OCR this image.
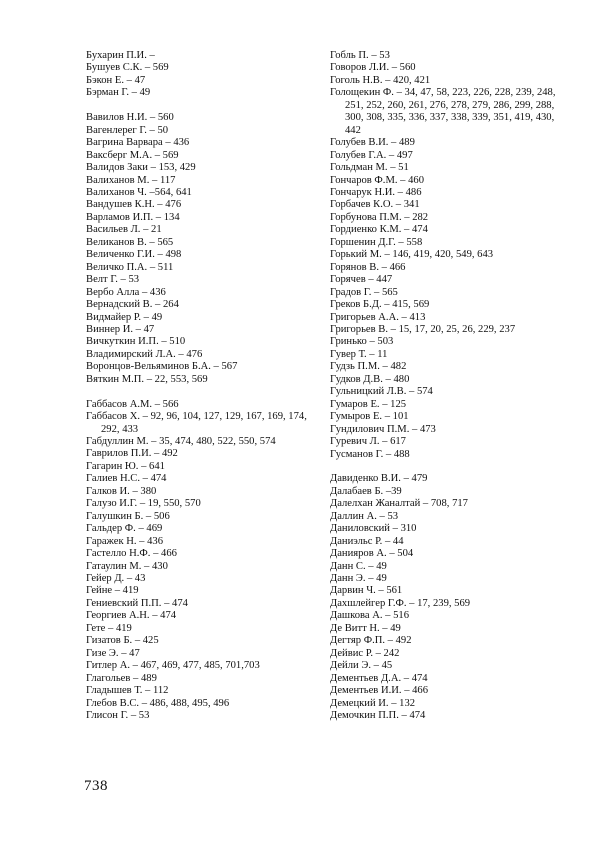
Бухарин П.И. –
Бушуев С.К. – 569
Бэкон Е. – 47
Бэрман Г. – 49
Вавилов Н.И. – 560
Вагенлерег Г. – 50
Вагрина Варвара – 436
Ваксберг М.А. – 569
Валидов Заки – 153, 429
Валиханов М. – 117
Валиханов Ч. –564, 641
Вандушев К.Н. – 476
Варламов И.П. – 134
Васильев Л. – 21
Великанов В. – 565
Величенко Г.И. – 498
Величко П.А. – 511
Велт Г. – 53
Вербо Алла – 436
Вернадский В. – 264
Видмайер Р. – 49
Виннер И. – 47
Вичкуткин И.П. – 510
Владимирский Л.А. – 476
Воронцов-Вельяминов Б.А. – 567
Вяткин М.П. – 22, 553, 569
Габбасов А.М. – 566
Габбасов Х. – 92, 96, 104, 127, 129, 167, 169, 174, 292, 433
Габдуллин М. – 35, 474, 480, 522, 550, 574
Гаврилов П.И. – 492
Гагарин Ю. – 641
Галиев Н.С. – 474
Галков И. – 380
Галузо И.Г. – 19, 550, 570
Галушкин Б. – 506
Гальдер Ф. – 469
Гаражек Н. – 436
Гастелло Н.Ф. – 466
Гатаулин М. – 430
Гейер Д. – 43
Гейне – 419
Гениевский П.П. – 474
Георгиев А.Н. – 474
Гете – 419
Гизатов Б. – 425
Гизе Э. – 47
Гитлер А. – 467, 469, 477, 485, 701,703
Глагольев – 489
Гладышев Т. – 112
Глебов В.С. – 486, 488, 495, 496
Глисон Г. – 53
Гобль П. – 53
Говоров Л.И. – 560
Гоголь Н.В. – 420, 421
Голощекин Ф. – 34, 47, 58, 223, 226, 228, 239, 248, 251, 252, 260, 261, 276, 278, 279, 286, 299, 288, 300, 308, 335, 336, 337, 338, 339, 351, 419, 430, 442
Голубев В.И. – 489
Голубев Г.А. – 497
Гольдман М. – 51
Гончаров Ф.М. – 460
Гончарук Н.И. – 486
Горбачев К.О. – 341
Горбунова П.М. – 282
Гордиенко К.М. – 474
Горшенин Д.Г. – 558
Горький М. – 146, 419, 420, 549, 643
Горянов В. – 466
Горячев – 447
Градов Г. – 565
Греков Б.Д. – 415, 569
Григорьев А.А. – 413
Григорьев В. – 15, 17, 20, 25, 26, 229, 237
Гринько – 503
Гувер Т. – 11
Гудзь П.М. – 482
Гудков Д.В. – 480
Гульницкий Л.В. – 574
Гумаров Е. – 125
Гумыров Е. – 101
Гундилович П.М. – 473
Гуревич Л. – 617
Гусманов Г. – 488
Давиденко В.И. – 479
Далабаев Б. –39
Далелхан Жаналтай – 708, 717
Даллин А. – 53
Даниловский – 310
Даниэльс Р. – 44
Данияров А. – 504
Данн С. – 49
Данн Э. – 49
Дарвин Ч. – 561
Дахшлейгер Г.Ф. – 17, 239, 569
Дашкова А. – 516
Де Витт Н. – 49
Дегтяр Ф.П. – 492
Дейвис Р. – 242
Дейли Э. – 45
Дементьев Д.А. – 474
Дементьев И.И. – 466
Демецкий И. – 132
Демочкин П.П. – 474
738
